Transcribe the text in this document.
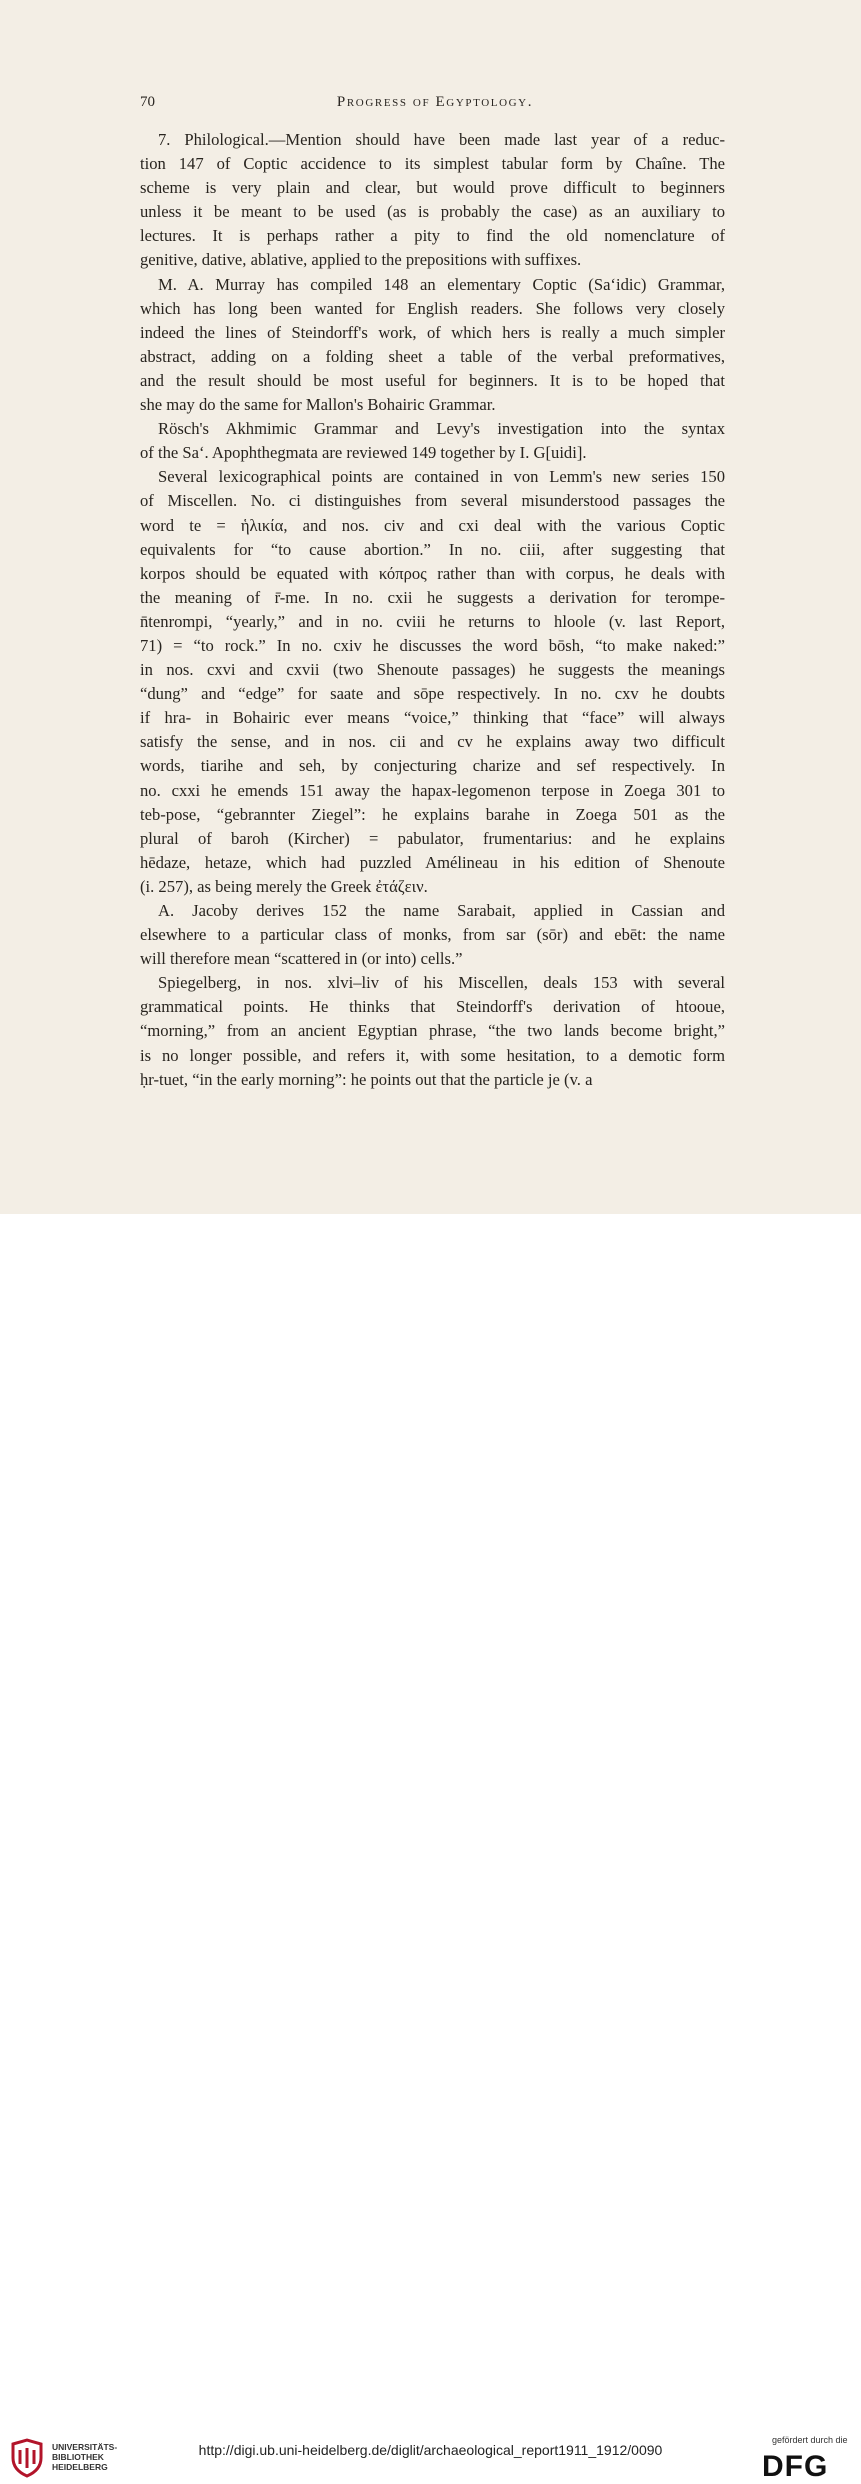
70	Progress of Egyptology.
7. Philological.—Mention should have been made last year of a reduc-
tion 147 of Coptic accidence to its simplest tabular form by Chaîne. The
scheme is very plain and clear, but would prove difficult to beginners
unless it be meant to be used (as is probably the case) as an auxiliary to
lectures. It is perhaps rather a pity to find the old nomenclature of
genitive, dative, ablative, applied to the prepositions with suffixes.
M. A. Murray has compiled 148 an elementary Coptic (Sa‘idic) Grammar,
which has long been wanted for English readers. She follows very closely
indeed the lines of Steindorff's work, of which hers is really a much simpler
abstract, adding on a folding sheet a table of the verbal preformatives,
and the result should be most useful for beginners. It is to be hoped that
she may do the same for Mallon's Bohairic Grammar.
Rösch's Akhmimic Grammar and Levy's investigation into the syntax
of the Sa‘. Apophthegmata are reviewed 149 together by I. G[uidi].
Several lexicographical points are contained in von Lemm's new series 150
of Miscellen. No. ci distinguishes from several misunderstood passages the
word te = ἡλικία, and nos. civ and cxi deal with the various Coptic
equivalents for “to cause abortion.” In no. ciii, after suggesting that
korpos should be equated with κόπρος rather than with corpus, he deals with
the meaning of r̄-me. In no. cxii he suggests a derivation for terompe-
n̄tenrompi, “yearly,” and in no. cviii he returns to hloole (v. last Report,
71) = “to rock.” In no. cxiv he discusses the word bōsh, “to make naked:”
in nos. cxvi and cxvii (two Shenoute passages) he suggests the meanings
“dung” and “edge” for saate and sōpe respectively. In no. cxv he doubts
if hra- in Bohairic ever means “voice,” thinking that “face” will always
satisfy the sense, and in nos. cii and cv he explains away two difficult
words, tiarihe and seh, by conjecturing charize and sef respectively. In
no. cxxi he emends 151 away the hapax-legomenon terpose in Zoega 301 to
teb-pose, “gebrannter Ziegel”: he explains barahe in Zoega 501 as the
plural of baroh (Kircher) = pabulator, frumentarius: and he explains
hēdaze, hetaze, which had puzzled Amélineau in his edition of Shenoute
(i. 257), as being merely the Greek ἐτάζειν.
A. Jacoby derives 152 the name Sarabait, applied in Cassian and
elsewhere to a particular class of monks, from sar (sōr) and ebēt: the name
will therefore mean “scattered in (or into) cells.”
Spiegelberg, in nos. xlvi–liv of his Miscellen, deals 153 with several
grammatical points. He thinks that Steindorff's derivation of htooue,
“morning,” from an ancient Egyptian phrase, “the two lands become bright,”
is no longer possible, and refers it, with some hesitation, to a demotic form
ḥr-tuet, “in the early morning”: he points out that the particle je (v. a
UNIVERSITÄTS-
BIBLIOTHEK
HEIDELBERG
http://digi.ub.uni-heidelberg.de/diglit/archaeological_report1911_1912/0090
gefördert durch die
DFG
